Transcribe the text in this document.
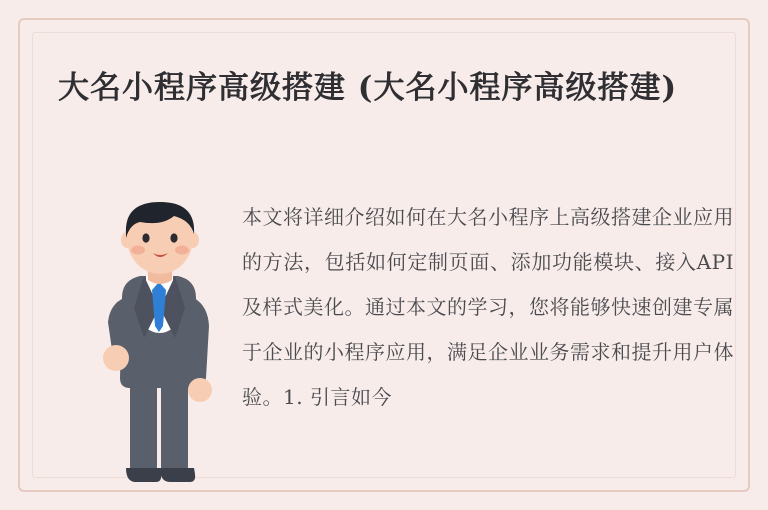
大名小程序高级搭建 (大名小程序高级搭建)
本文将详细介绍如何在大名小程序上高级搭建企业应用的方法，包括如何定制页面、添加功能模块、接入API及样式美化。通过本文的学习，您将能够快速创建专属于企业的小程序应用，满足企业业务需求和提升用户体验。1. 引言如今
